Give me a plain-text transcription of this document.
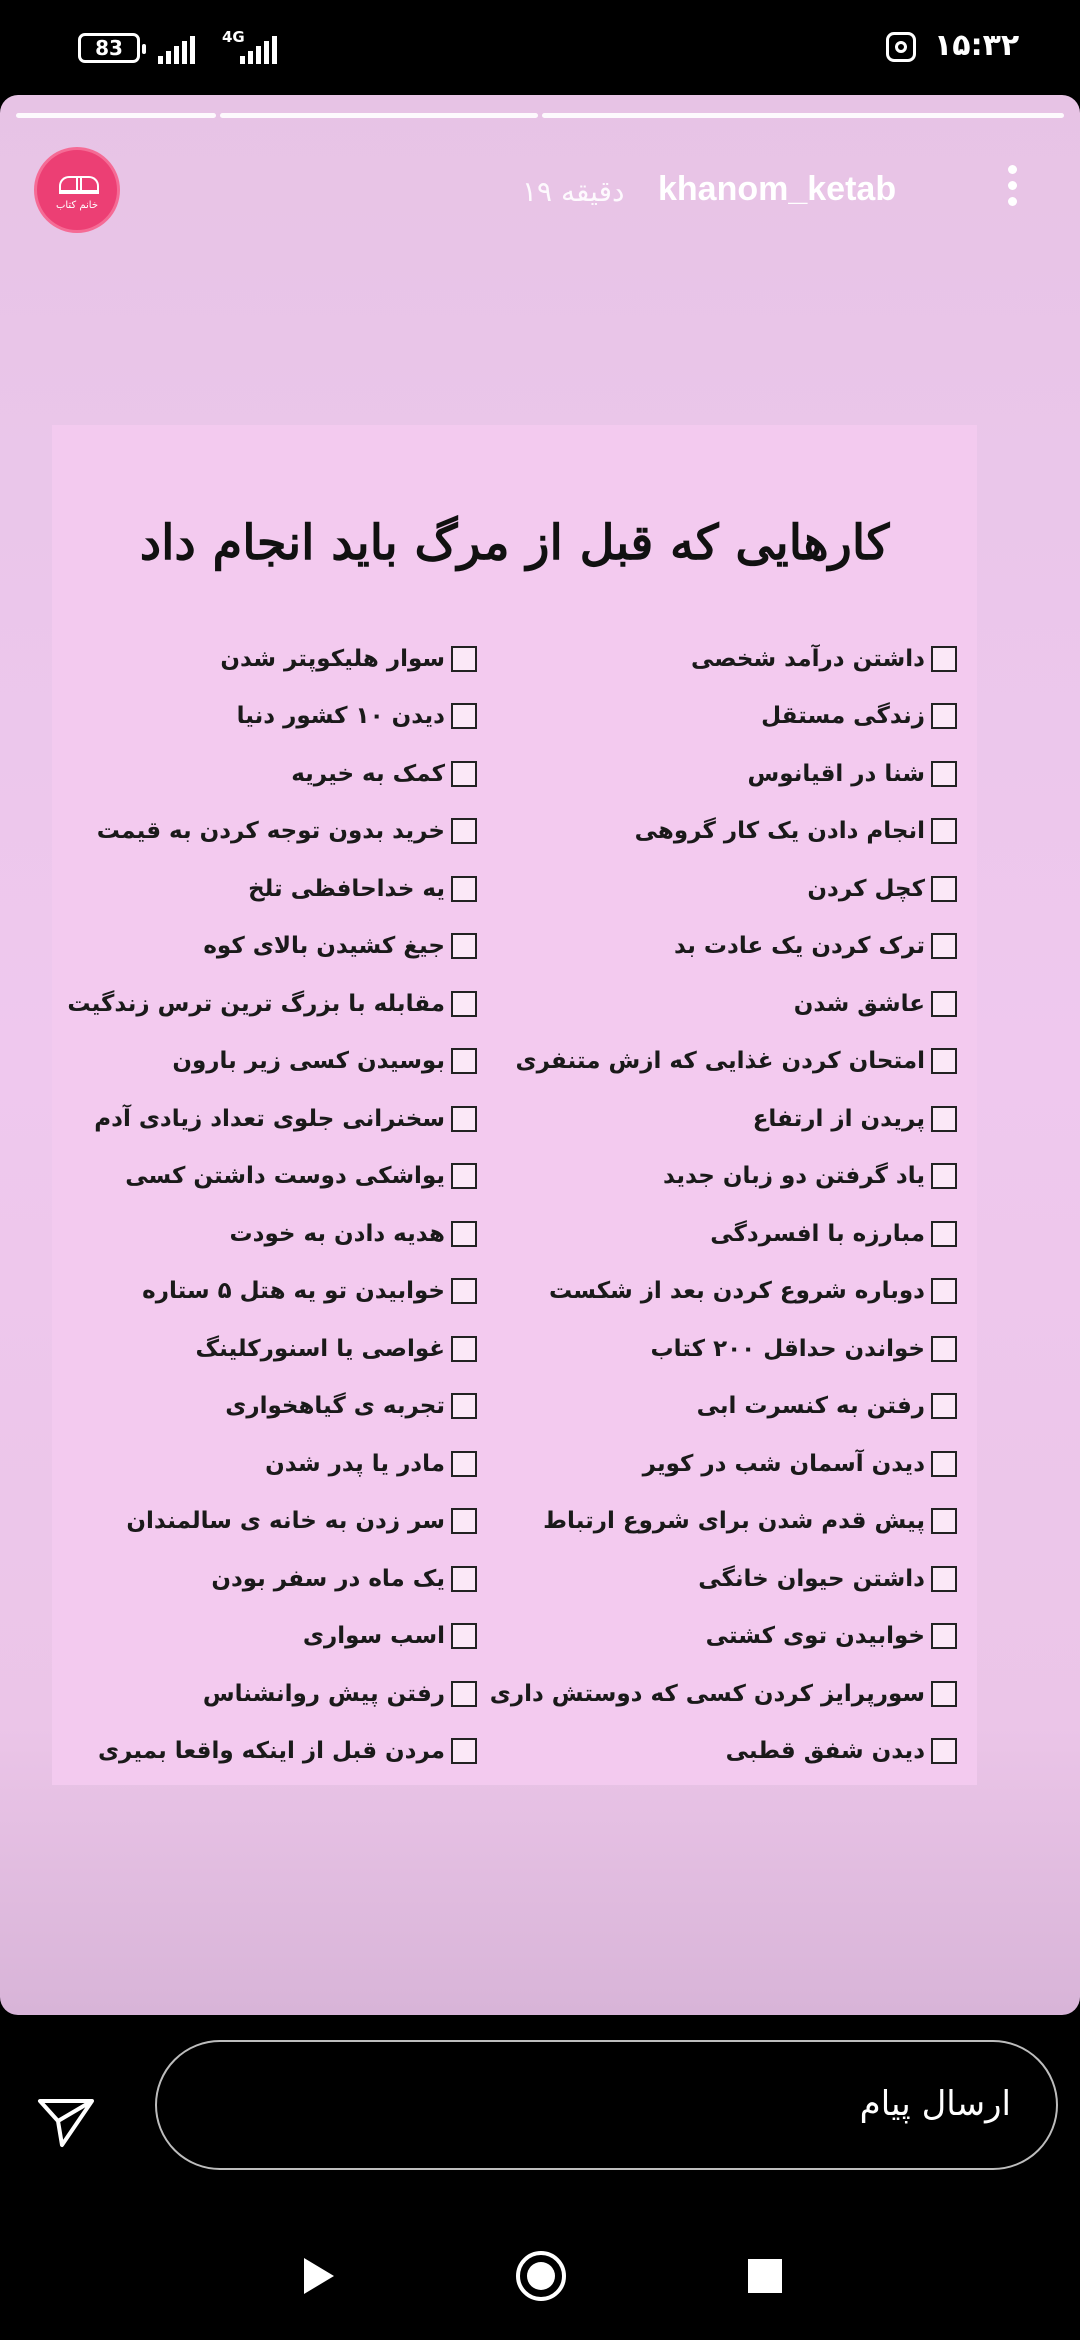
83	4G	۱۵:۳۲
خانم کتاب	khanom_ketab
۱۹ دقیقه
کارهایی که قبل از مرگ باید انجام داد
داشتن درآمد شخصی
زندگی مستقل
شنا در اقیانوس
انجام دادن یک کار گروهی
کچل کردن
ترک کردن یک عادت بد
عاشق شدن
امتحان کردن غذایی که ازش متنفری
پریدن از ارتفاع
یاد گرفتن دو زبان جدید
مبارزه با افسردگی
دوباره شروع کردن بعد از شکست
خواندن حداقل ۲۰۰ کتاب
رفتن به کنسرت ابی
دیدن آسمان شب در کویر
پیش قدم شدن برای شروع ارتباط
داشتن حیوان خانگی
خوابیدن توی کشتی
سورپرایز کردن کسی که دوستش داری
دیدن شفق قطبی
سوار هلیکوپتر شدن
دیدن ۱۰ کشور دنیا
کمک به خیریه
خرید بدون توجه کردن به قیمت
یه خداحافظی تلخ
جیغ کشیدن بالای کوه
مقابله با بزرگ ترین ترس زندگیت
بوسیدن کسی زیر بارون
سخنرانی جلوی تعداد زیادی آدم
یواشکی دوست داشتن کسی
هدیه دادن به خودت
خوابیدن تو یه هتل ۵ ستاره
غواصی یا اسنورکلینگ
تجربه ی گیاهخواری
مادر یا پدر شدن
سر زدن به خانه ی سالمندان
یک ماه در سفر بودن
اسب سواری
رفتن پیش روانشناس
مردن قبل از اینکه واقعا بمیری
ارسال پیام
